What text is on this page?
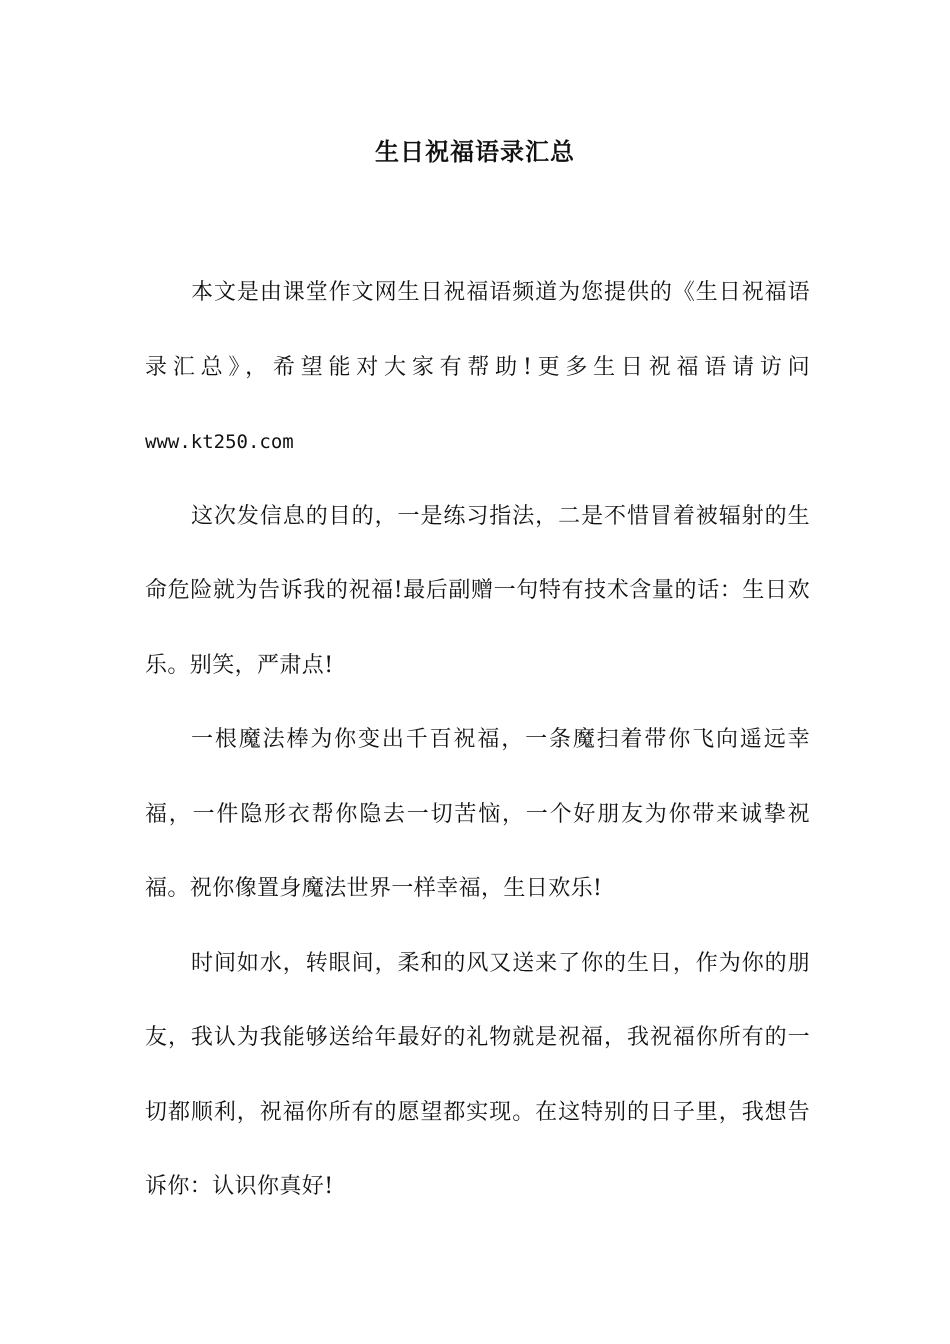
生日祝福语录汇总

本文是由课堂作文网生日祝福语频道为您提供的《生日祝福语录汇总》，希望能对大家有帮助!更多生日祝福语请访问www.kt250.com

这次发信息的目的，一是练习指法，二是不惜冒着被辐射的生命危险就为告诉我的祝福!最后副赠一句特有技术含量的话：生日欢乐。别笑，严肃点!

一根魔法棒为你变出千百祝福，一条魔扫着带你飞向遥远幸福，一件隐形衣帮你隐去一切苦恼，一个好朋友为你带来诚挚祝福。祝你像置身魔法世界一样幸福，生日欢乐!

时间如水，转眼间，柔和的风又送来了你的生日，作为你的朋友，我认为我能够送给年最好的礼物就是祝福，我祝福你所有的一切都顺利，祝福你所有的愿望都实现。在这特别的日子里，我想告诉你：认识你真好!
